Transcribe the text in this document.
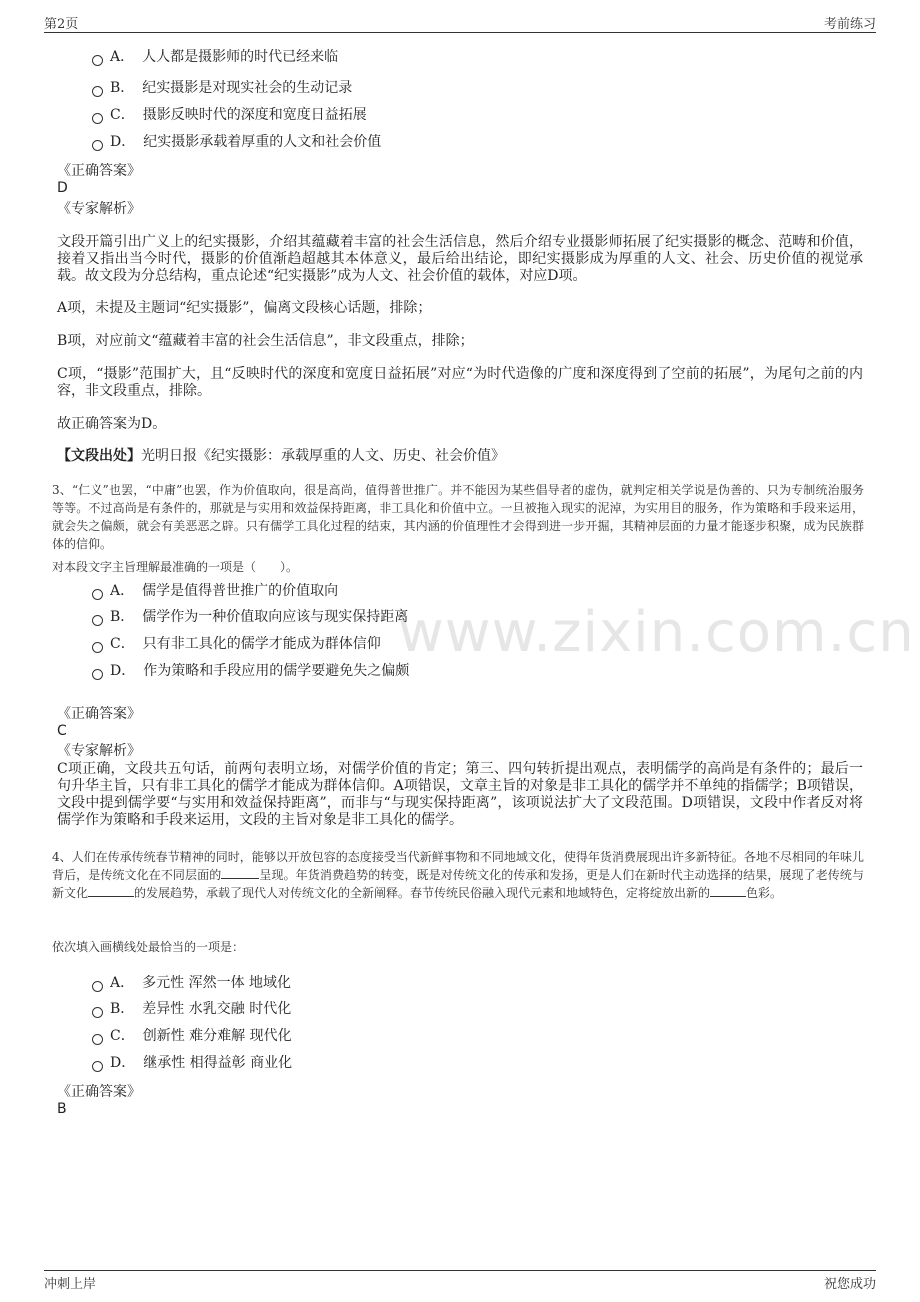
第2页	考前练习
www.zixin.com.cn
A． 人人都是摄影师的时代已经来临
B． 纪实摄影是对现实社会的生动记录
C． 摄影反映时代的深度和宽度日益拓展
D． 纪实摄影承载着厚重的人文和社会价值
《正确答案》
D
《专家解析》
文段开篇引出广义上的纪实摄影，介绍其蕴藏着丰富的社会生活信息，然后介绍专业摄影师拓展了纪实摄影的概念、范畴和价值，接着又指出当今时代，摄影的价值渐趋超越其本体意义，最后给出结论，即纪实摄影成为厚重的人文、社会、历史价值的视觉承载。故文段为分总结构，重点论述“纪实摄影”成为人文、社会价值的载体，对应D项。
A项，未提及主题词“纪实摄影”，偏离文段核心话题，排除；
B项，对应前文“蕴藏着丰富的社会生活信息”，非文段重点，排除；
C项，“摄影”范围扩大，且“反映时代的深度和宽度日益拓展”对应“为时代造像的广度和深度得到了空前的拓展”，为尾句之前的内容，非文段重点，排除。
故正确答案为D。
【文段出处】光明日报《纪实摄影：承载厚重的人文、历史、社会价值》
3、“仁义”也罢，“中庸”也罢，作为价值取向，很是高尚，值得普世推广。并不能因为某些倡导者的虚伪，就判定相关学说是伪善的、只为专制统治服务等等。不过高尚是有条件的，那就是与实用和效益保持距离，非工具化和价值中立。一旦被拖入现实的泥淖，为实用目的服务，作为策略和手段来运用，就会失之偏颇，就会有美恶恶之辟。只有儒学工具化过程的结束，其内涵的价值理性才会得到进一步开掘，其精神层面的力量才能逐步积聚，成为民族群体的信仰。
对本段文字主旨理解最准确的一项是（　　）。
A． 儒学是值得普世推广的价值取向
B． 儒学作为一种价值取向应该与现实保持距离
C． 只有非工具化的儒学才能成为群体信仰
D． 作为策略和手段应用的儒学要避免失之偏颇
《正确答案》
C
《专家解析》
C项正确，文段共五句话，前两句表明立场，对儒学价值的肯定；第三、四句转折提出观点，表明儒学的高尚是有条件的；最后一句升华主旨，只有非工具化的儒学才能成为群体信仰。A项错误，文章主旨的对象是非工具化的儒学并不单纯的指儒学；B项错误，文段中提到儒学要“与实用和效益保持距离”，而非与“与现实保持距离”，该项说法扩大了文段范围。D项错误，文段中作者反对将儒学作为策略和手段来运用，文段的主旨对象是非工具化的儒学。
4、人们在传承传统春节精神的同时，能够以开放包容的态度接受当代新鲜事物和不同地域文化，使得年货消费展现出许多新特征。各地不尽相同的年味儿背后，是传统文化在不同层面的	呈现。年货消费趋势的转变，既是对传统文化的传承和发扬，更是人们在新时代主动选择的结果，展现了老传统与新文化	的发展趋势，承载了现代人对传统文化的全新阐释。春节传统民俗融入现代元素和地域特色，定将绽放出新的	色彩。
依次填入画横线处最恰当的一项是：
A． 多元性 浑然一体 地域化
B． 差异性 水乳交融 时代化
C． 创新性 难分难解 现代化
D． 继承性 相得益彰 商业化
《正确答案》
B
冲刺上岸	祝您成功
